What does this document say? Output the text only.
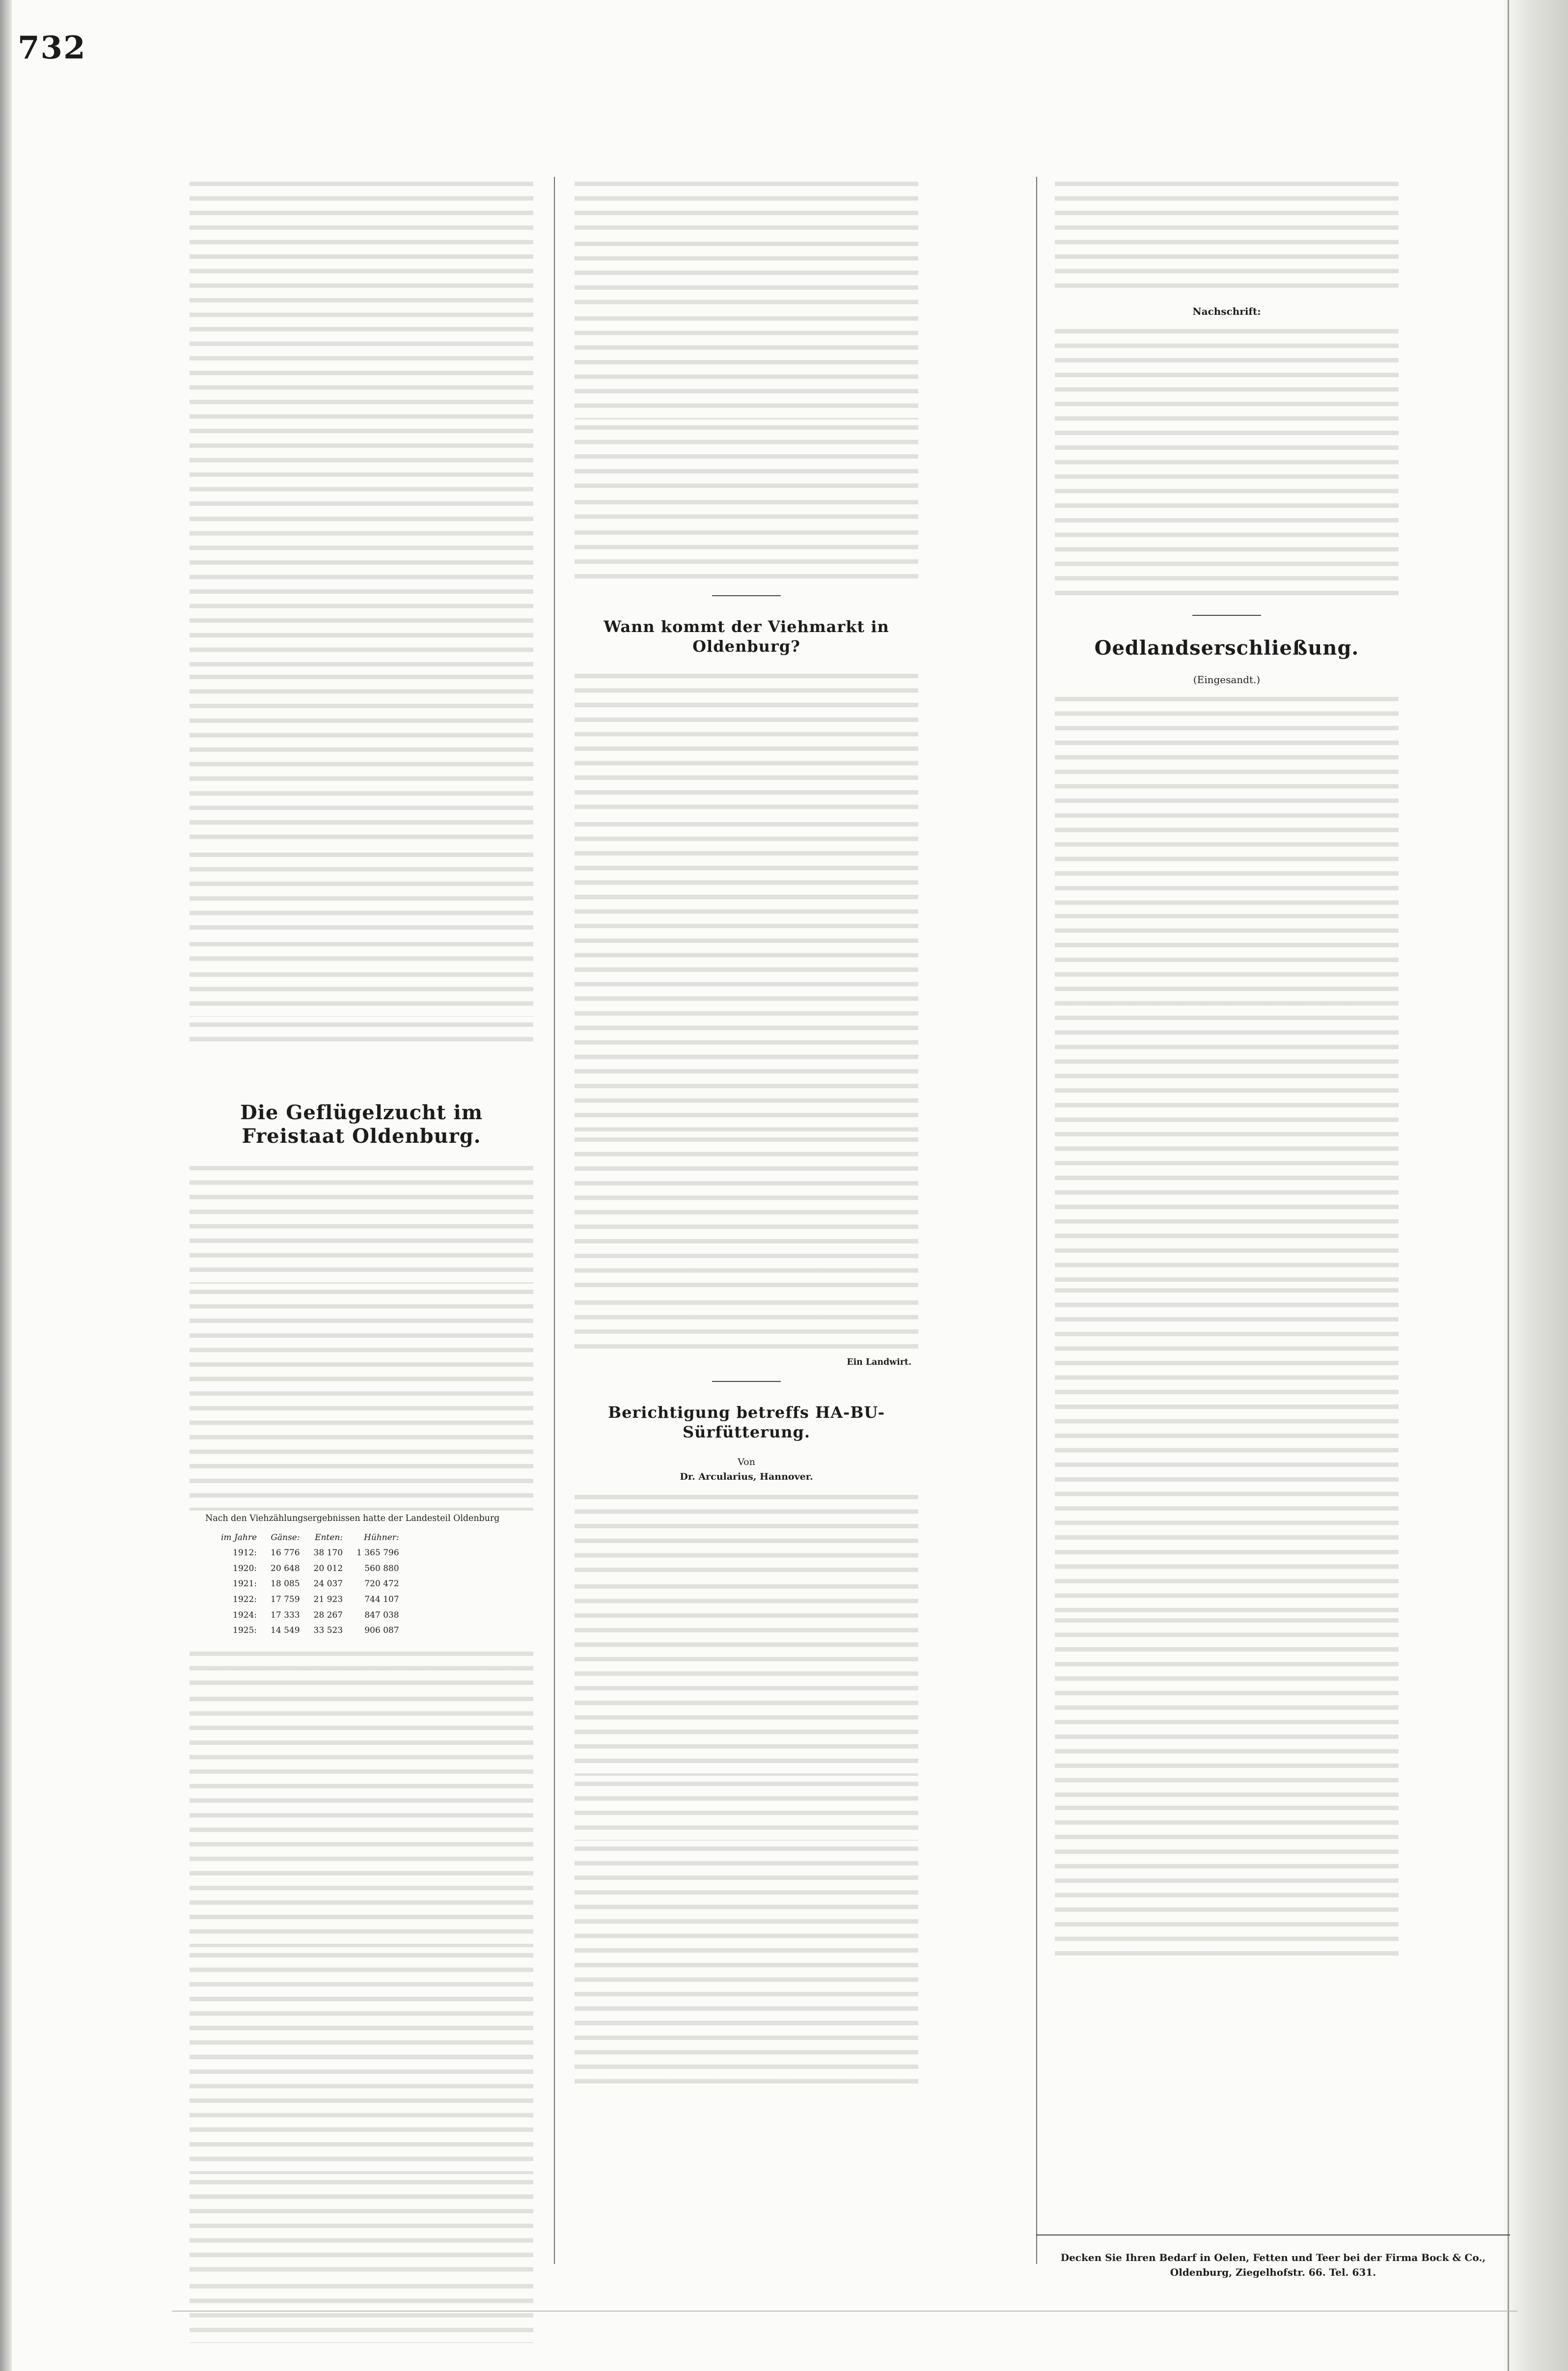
732

Die Geflügelzucht im Freistaat Oldenburg.

Nach den Viehzählungsergebnissen hatte der Landesteil Oldenburg

im Jahre	Gänse:	Enten:	Hühner:
1912:	16 776	38 170	1 365 796
1920:	20 648	20 012	560 880
1921:	18 085	24 037	720 472
1922:	17 759	21 923	744 107
1924:	17 333	28 267	847 038
1925:	14 549	33 523	906 087

Wann kommt der Viehmarkt in Oldenburg?

Ein Landwirt.
Berichtigung betreffs HA-BU-Sürfütterung.
Von
Dr. Arcularius, Hannover.

Nachschrift:

Oedlandserschließung.
(Eingesandt.)

Decken Sie Ihren Bedarf in Oelen, Fetten und Teer bei der Firma Bock & Co., Oldenburg, Ziegelhofstr. 66. Tel. 631.
